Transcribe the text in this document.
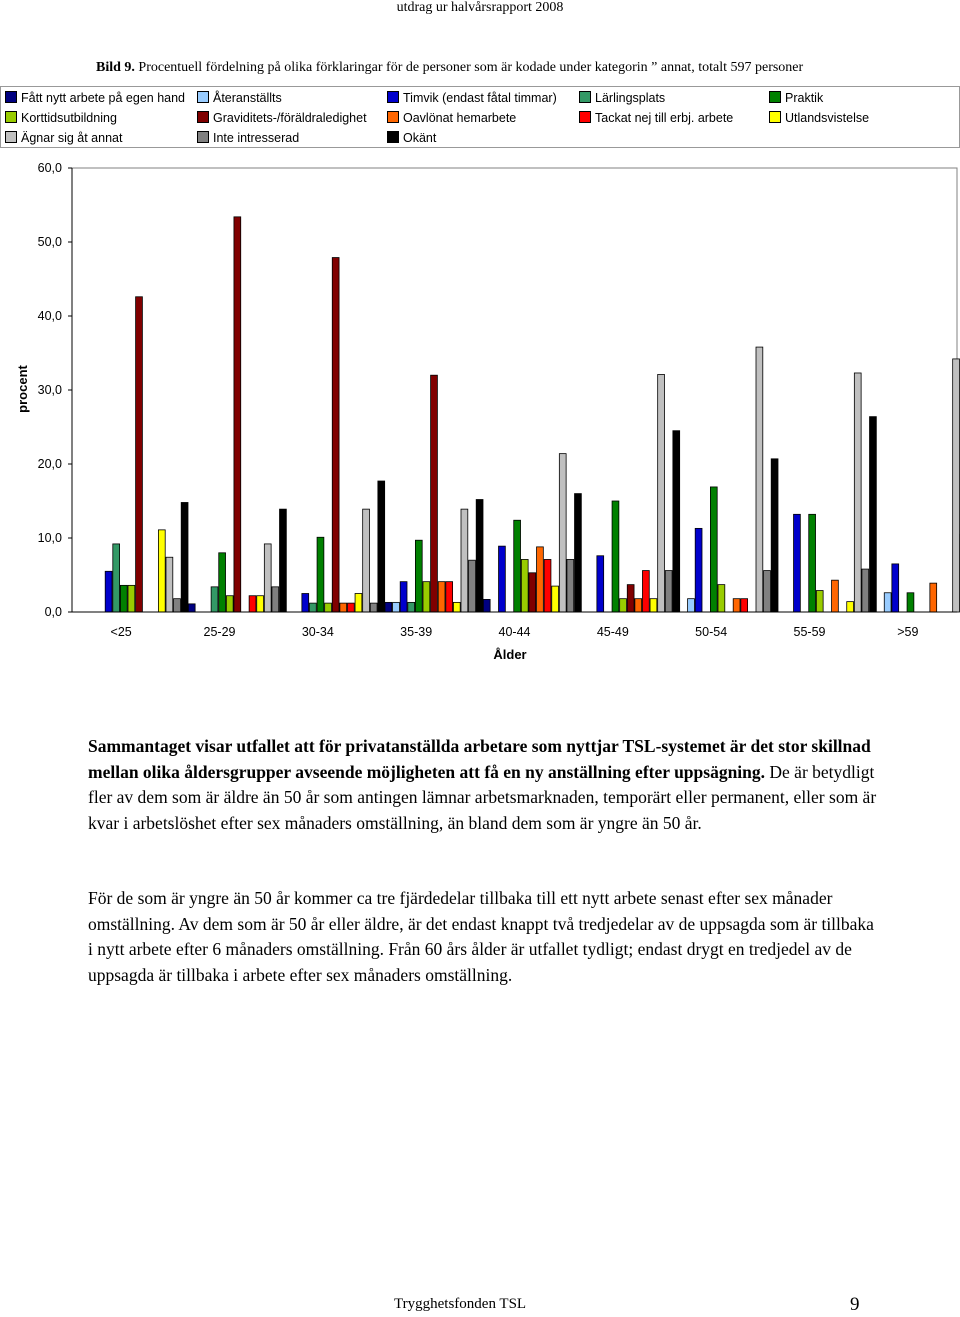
utdrag ur halvårsrapport 2008
Bild 9. Procentuell fördelning på olika förklaringar för de personer som är kodade under kategorin ” annat, totalt 597 personer
Fått nytt arbete på egen hand	Återanställts	Timvik (endast fåtal timmar)	Lärlingsplats	Praktik
Korttidsutbildning	Graviditets-/föräldraledighet	Oavlönat hemarbete	Tackat nej till erbj. arbete	Utlandsvistelse
Ägnar sig åt annat	Inte intresserad	Okänt
0,0
10,0
20,0
30,0
40,0
50,0
60,0
<25	25-29	30-34	35-39	40-44	45-49	50-54	55-59	>59
procent
Ålder
Sammantaget visar utfallet att för privatanställda arbetare som nyttjar TSL-systemet är det stor skillnad mellan olika åldersgrupper avseende möjligheten att få en ny anställning efter uppsägning. De är betydligt fler av dem som är äldre än 50 år som antingen lämnar arbetsmarknaden, temporärt eller permanent, eller som är kvar i arbetslöshet efter sex månaders omställning, än bland dem som är yngre än 50 år.
För de som är yngre än 50 år kommer ca tre fjärdedelar tillbaka till ett nytt arbete senast efter sex månader omställning. Av dem som är 50 år eller äldre, är det endast knappt två tredjedelar av de uppsagda som är tillbaka i nytt arbete efter 6 månaders omställning. Från 60 års ålder är utfallet tydligt; endast drygt en tredjedel av de uppsagda är tillbaka i arbete efter sex månaders omställning.
Trygghetsfonden TSL	9
